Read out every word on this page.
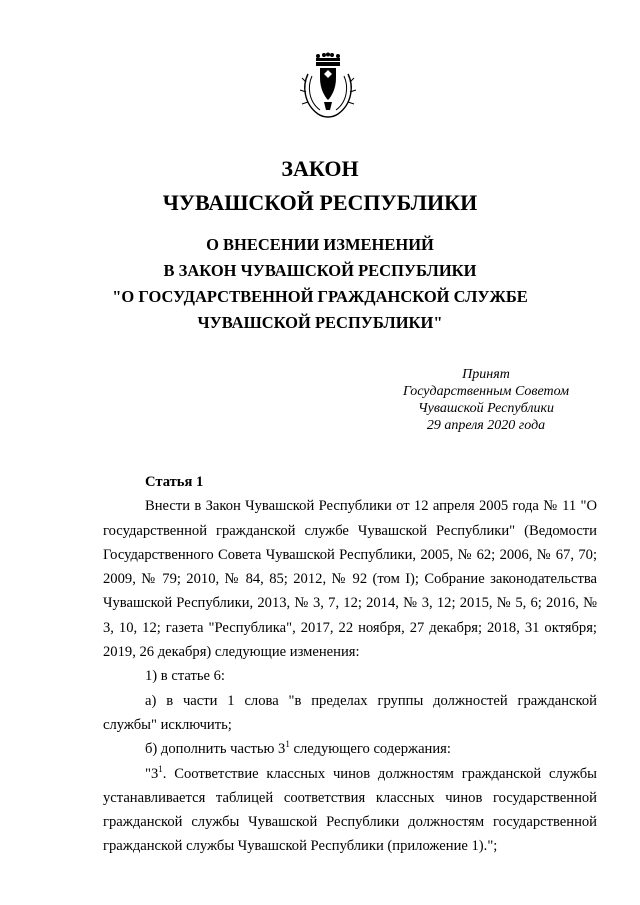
ЗАКОН
ЧУВАШСКОЙ РЕСПУБЛИКИ
О ВНЕСЕНИИ ИЗМЕНЕНИЙ
В ЗАКОН ЧУВАШСКОЙ РЕСПУБЛИКИ
"О ГОСУДАРСТВЕННОЙ ГРАЖДАНСКОЙ СЛУЖБЕ
ЧУВАШСКОЙ РЕСПУБЛИКИ"
Принят
Государственным Советом
Чувашской Республики
29 апреля 2020 года

Статья 1

Внести в Закон Чувашской Республики от 12 апреля 2005 года № 11 "О государственной гражданской службе Чувашской Республики" (Ведомости Государственного Совета Чувашской Республики, 2005, № 62; 2006, № 67, 70; 2009, № 79; 2010, № 84, 85; 2012, № 92 (том I); Собрание законодательства Чувашской Республики, 2013, № 3, 7, 12; 2014, № 3, 12; 2015, № 5, 6; 2016, № 3, 10, 12; газета "Республика", 2017, 22 ноября, 27 декабря; 2018, 31 октября; 2019, 26 декабря) следующие изменения:

1) в статье 6:

а) в части 1 слова "в пределах группы должностей гражданской службы" исключить;

б) дополнить частью $3^1$ следующего содержания:

"$3^1$. Соответствие классных чинов должностям гражданской службы устанавливается таблицей соответствия классных чинов государственной гражданской службы Чувашской Республики должностям государственной гражданской службы Чувашской Республики (приложение 1).";
